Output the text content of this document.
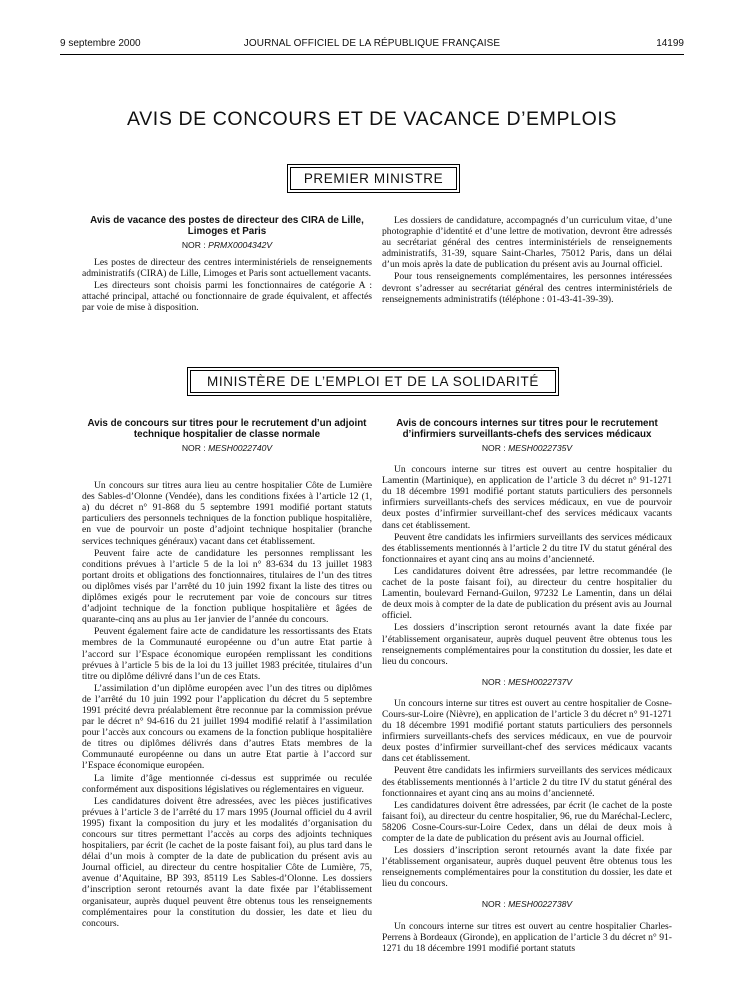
9 septembre 2000	JOURNAL OFFICIEL DE LA RÉPUBLIQUE FRANÇAISE	14199
AVIS DE CONCOURS ET DE VACANCE D’EMPLOIS
PREMIER MINISTRE

Avis de vacance des postes de directeur des CIRA de Lille, Limoges et Paris

NOR : PRMX0004342V

Les postes de directeur des centres interministériels de renseignements administratifs (CIRA) de Lille, Limoges et Paris sont actuellement vacants.

Les directeurs sont choisis parmi les fonctionnaires de catégorie A : attaché principal, attaché ou fonctionnaire de grade équivalent, et affectés par voie de mise à disposition.

Les dossiers de candidature, accompagnés d’un curriculum vitae, d’une photographie d’identité et d’une lettre de motivation, devront être adressés au secrétariat général des centres interministériels de renseignements administratifs, 31-39, square Saint-Charles, 75012 Paris, dans un délai d’un mois après la date de publication du présent avis au Journal officiel.

Pour tous renseignements complémentaires, les personnes intéressées devront s’adresser au secrétariat général des centres interministériels de renseignements administratifs (téléphone : 01-43-41-39-39).

MINISTÈRE DE L’EMPLOI ET DE LA SOLIDARITÉ

Avis de concours sur titres pour le recrutement d’un adjoint technique hospitalier de classe normale

NOR : MESH0022740V

Un concours sur titres aura lieu au centre hospitalier Côte de Lumière des Sables-d’Olonne (Vendée), dans les conditions fixées à l’article 12 (1, a) du décret n° 91-868 du 5 septembre 1991 modifié portant statuts particuliers des personnels techniques de la fonction publique hospitalière, en vue de pourvoir un poste d’adjoint technique hospitalier (branche services techniques généraux) vacant dans cet établissement.

Peuvent faire acte de candidature les personnes remplissant les conditions prévues à l’article 5 de la loi n° 83-634 du 13 juillet 1983 portant droits et obligations des fonctionnaires, titulaires de l’un des titres ou diplômes visés par l’arrêté du 10 juin 1992 fixant la liste des titres ou diplômes exigés pour le recrutement par voie de concours sur titres d’adjoint technique de la fonction publique hospitalière et âgées de quarante-cinq ans au plus au 1er janvier de l’année du concours.

Peuvent également faire acte de candidature les ressortissants des Etats membres de la Communauté européenne ou d’un autre Etat partie à l’accord sur l’Espace économique européen remplissant les conditions prévues à l’article 5 bis de la loi du 13 juillet 1983 précitée, titulaires d’un titre ou diplôme délivré dans l’un de ces Etats.

L’assimilation d’un diplôme européen avec l’un des titres ou diplômes de l’arrêté du 10 juin 1992 pour l’application du décret du 5 septembre 1991 précité devra préalablement être reconnue par la commission prévue par le décret n° 94-616 du 21 juillet 1994 modifié relatif à l’assimilation pour l’accès aux concours ou examens de la fonction publique hospitalière de titres ou diplômes délivrés dans d’autres Etats membres de la Communauté européenne ou dans un autre Etat partie à l’accord sur l’Espace économique européen.

La limite d’âge mentionnée ci-dessus est supprimée ou reculée conformément aux dispositions législatives ou réglementaires en vigueur.

Les candidatures doivent être adressées, avec les pièces justificatives prévues à l’article 3 de l’arrêté du 17 mars 1995 (Journal officiel du 4 avril 1995) fixant la composition du jury et les modalités d’organisation du concours sur titres permettant l’accès au corps des adjoints techniques hospitaliers, par écrit (le cachet de la poste faisant foi), au plus tard dans le délai d’un mois à compter de la date de publication du présent avis au Journal officiel, au directeur du centre hospitalier Côte de Lumière, 75, avenue d’Aquitaine, BP 393, 85119 Les Sables-d’Olonne. Les dossiers d’inscription seront retournés avant la date fixée par l’établissement organisateur, auprès duquel peuvent être obtenus tous les renseignements complémentaires pour la constitution du dossier, les date et lieu du concours.

Avis de concours internes sur titres pour le recrutement d’infirmiers surveillants-chefs des services médicaux

NOR : MESH0022735V

Un concours interne sur titres est ouvert au centre hospitalier du Lamentin (Martinique), en application de l’article 3 du décret n° 91-1271 du 18 décembre 1991 modifié portant statuts particuliers des personnels infirmiers surveillants-chefs des services médicaux, en vue de pourvoir deux postes d’infirmier surveillant-chef des services médicaux vacants dans cet établissement.

Peuvent être candidats les infirmiers surveillants des services médicaux des établissements mentionnés à l’article 2 du titre IV du statut général des fonctionnaires et ayant cinq ans au moins d’ancienneté.

Les candidatures doivent être adressées, par lettre recommandée (le cachet de la poste faisant foi), au directeur du centre hospitalier du Lamentin, boulevard Fernand-Guilon, 97232 Le Lamentin, dans un délai de deux mois à compter de la date de publication du présent avis au Journal officiel.

Les dossiers d’inscription seront retournés avant la date fixée par l’établissement organisateur, auprès duquel peuvent être obtenus tous les renseignements complémentaires pour la constitution du dossier, les date et lieu du concours.

NOR : MESH0022737V

Un concours interne sur titres est ouvert au centre hospitalier de Cosne-Cours-sur-Loire (Nièvre), en application de l’article 3 du décret n° 91-1271 du 18 décembre 1991 modifié portant statuts particuliers des personnels infirmiers surveillants-chefs des services médicaux, en vue de pourvoir deux postes d’infirmier surveillant-chef des services médicaux vacants dans cet établissement.

Peuvent être candidats les infirmiers surveillants des services médicaux des établissements mentionnés à l’article 2 du titre IV du statut général des fonctionnaires et ayant cinq ans au moins d’ancienneté.

Les candidatures doivent être adressées, par écrit (le cachet de la poste faisant foi), au directeur du centre hospitalier, 96, rue du Maréchal-Leclerc, 58206 Cosne-Cours-sur-Loire Cedex, dans un délai de deux mois à compter de la date de publication du présent avis au Journal officiel.

Les dossiers d’inscription seront retournés avant la date fixée par l’établissement organisateur, auprès duquel peuvent être obtenus tous les renseignements complémentaires pour la constitution du dossier, les date et lieu du concours.

NOR : MESH0022738V

Un concours interne sur titres est ouvert au centre hospitalier Charles-Perrens à Bordeaux (Gironde), en application de l’article 3 du décret n° 91-1271 du 18 décembre 1991 modifié portant statuts
